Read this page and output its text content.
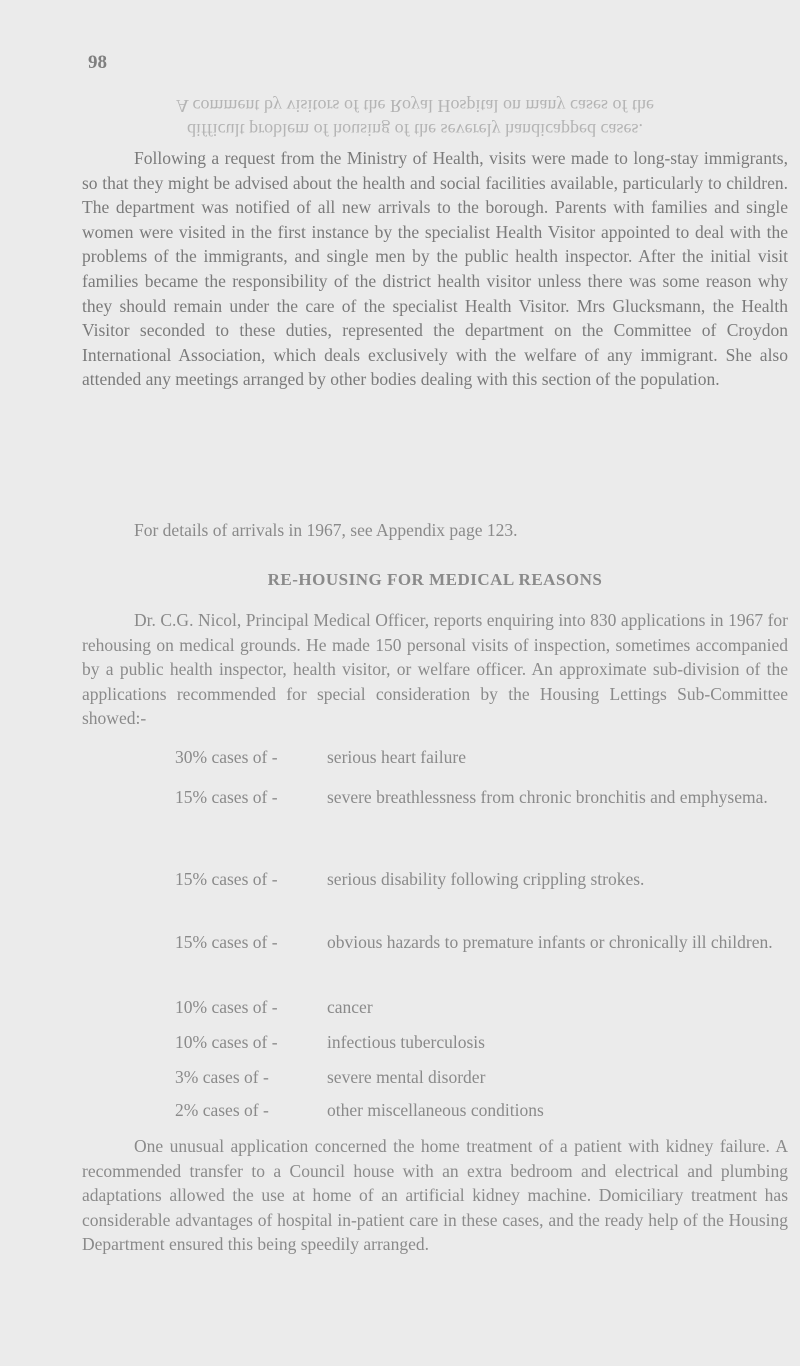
98
A comment by visitors of the Royal Hospital on many cases of the
difficult problem of housing of the severely handicapped cases.

Following a request from the Ministry of Health, visits were made to long-stay immigrants, so that they might be advised about the health and social facilities available, particularly to children. The department was notified of all new arrivals to the borough. Parents with families and single women were visited in the first instance by the specialist Health Visitor appointed to deal with the problems of the immigrants, and single men by the public health inspector. After the initial visit families became the responsibility of the district health visitor unless there was some reason why they should remain under the care of the specialist Health Visitor. Mrs Glucksmann, the Health Visitor seconded to these duties, represented the department on the Committee of Croydon International Association, which deals exclusively with the welfare of any immigrant. She also attended any meetings arranged by other bodies dealing with this section of the population.

For details of arrivals in 1967, see Appendix page 123.
RE-HOUSING FOR MEDICAL REASONS

Dr. C.G. Nicol, Principal Medical Officer, reports enquiring into 830 applications in 1967 for rehousing on medical grounds. He made 150 personal visits of inspection, sometimes accompanied by a public health inspector, health visitor, or welfare officer. An approximate sub-division of the applications recommended for special consideration by the Housing Lettings Sub-Committee showed:-

30% cases of -	serious heart failure
15% cases of -	severe breathlessness from chronic bronchitis and emphysema.
15% cases of -	serious disability following crippling strokes.
15% cases of -	obvious hazards to premature infants or chronically ill children.
10% cases of -	cancer
10% cases of -	infectious tuberculosis
3% cases of -	severe mental disorder
2% cases of -	other miscellaneous conditions

One unusual application concerned the home treatment of a patient with kidney failure. A recommended transfer to a Council house with an extra bedroom and electrical and plumbing adaptations allowed the use at home of an artificial kidney machine. Domiciliary treatment has considerable advantages of hospital in-patient care in these cases, and the ready help of the Housing Department ensured this being speedily arranged.
